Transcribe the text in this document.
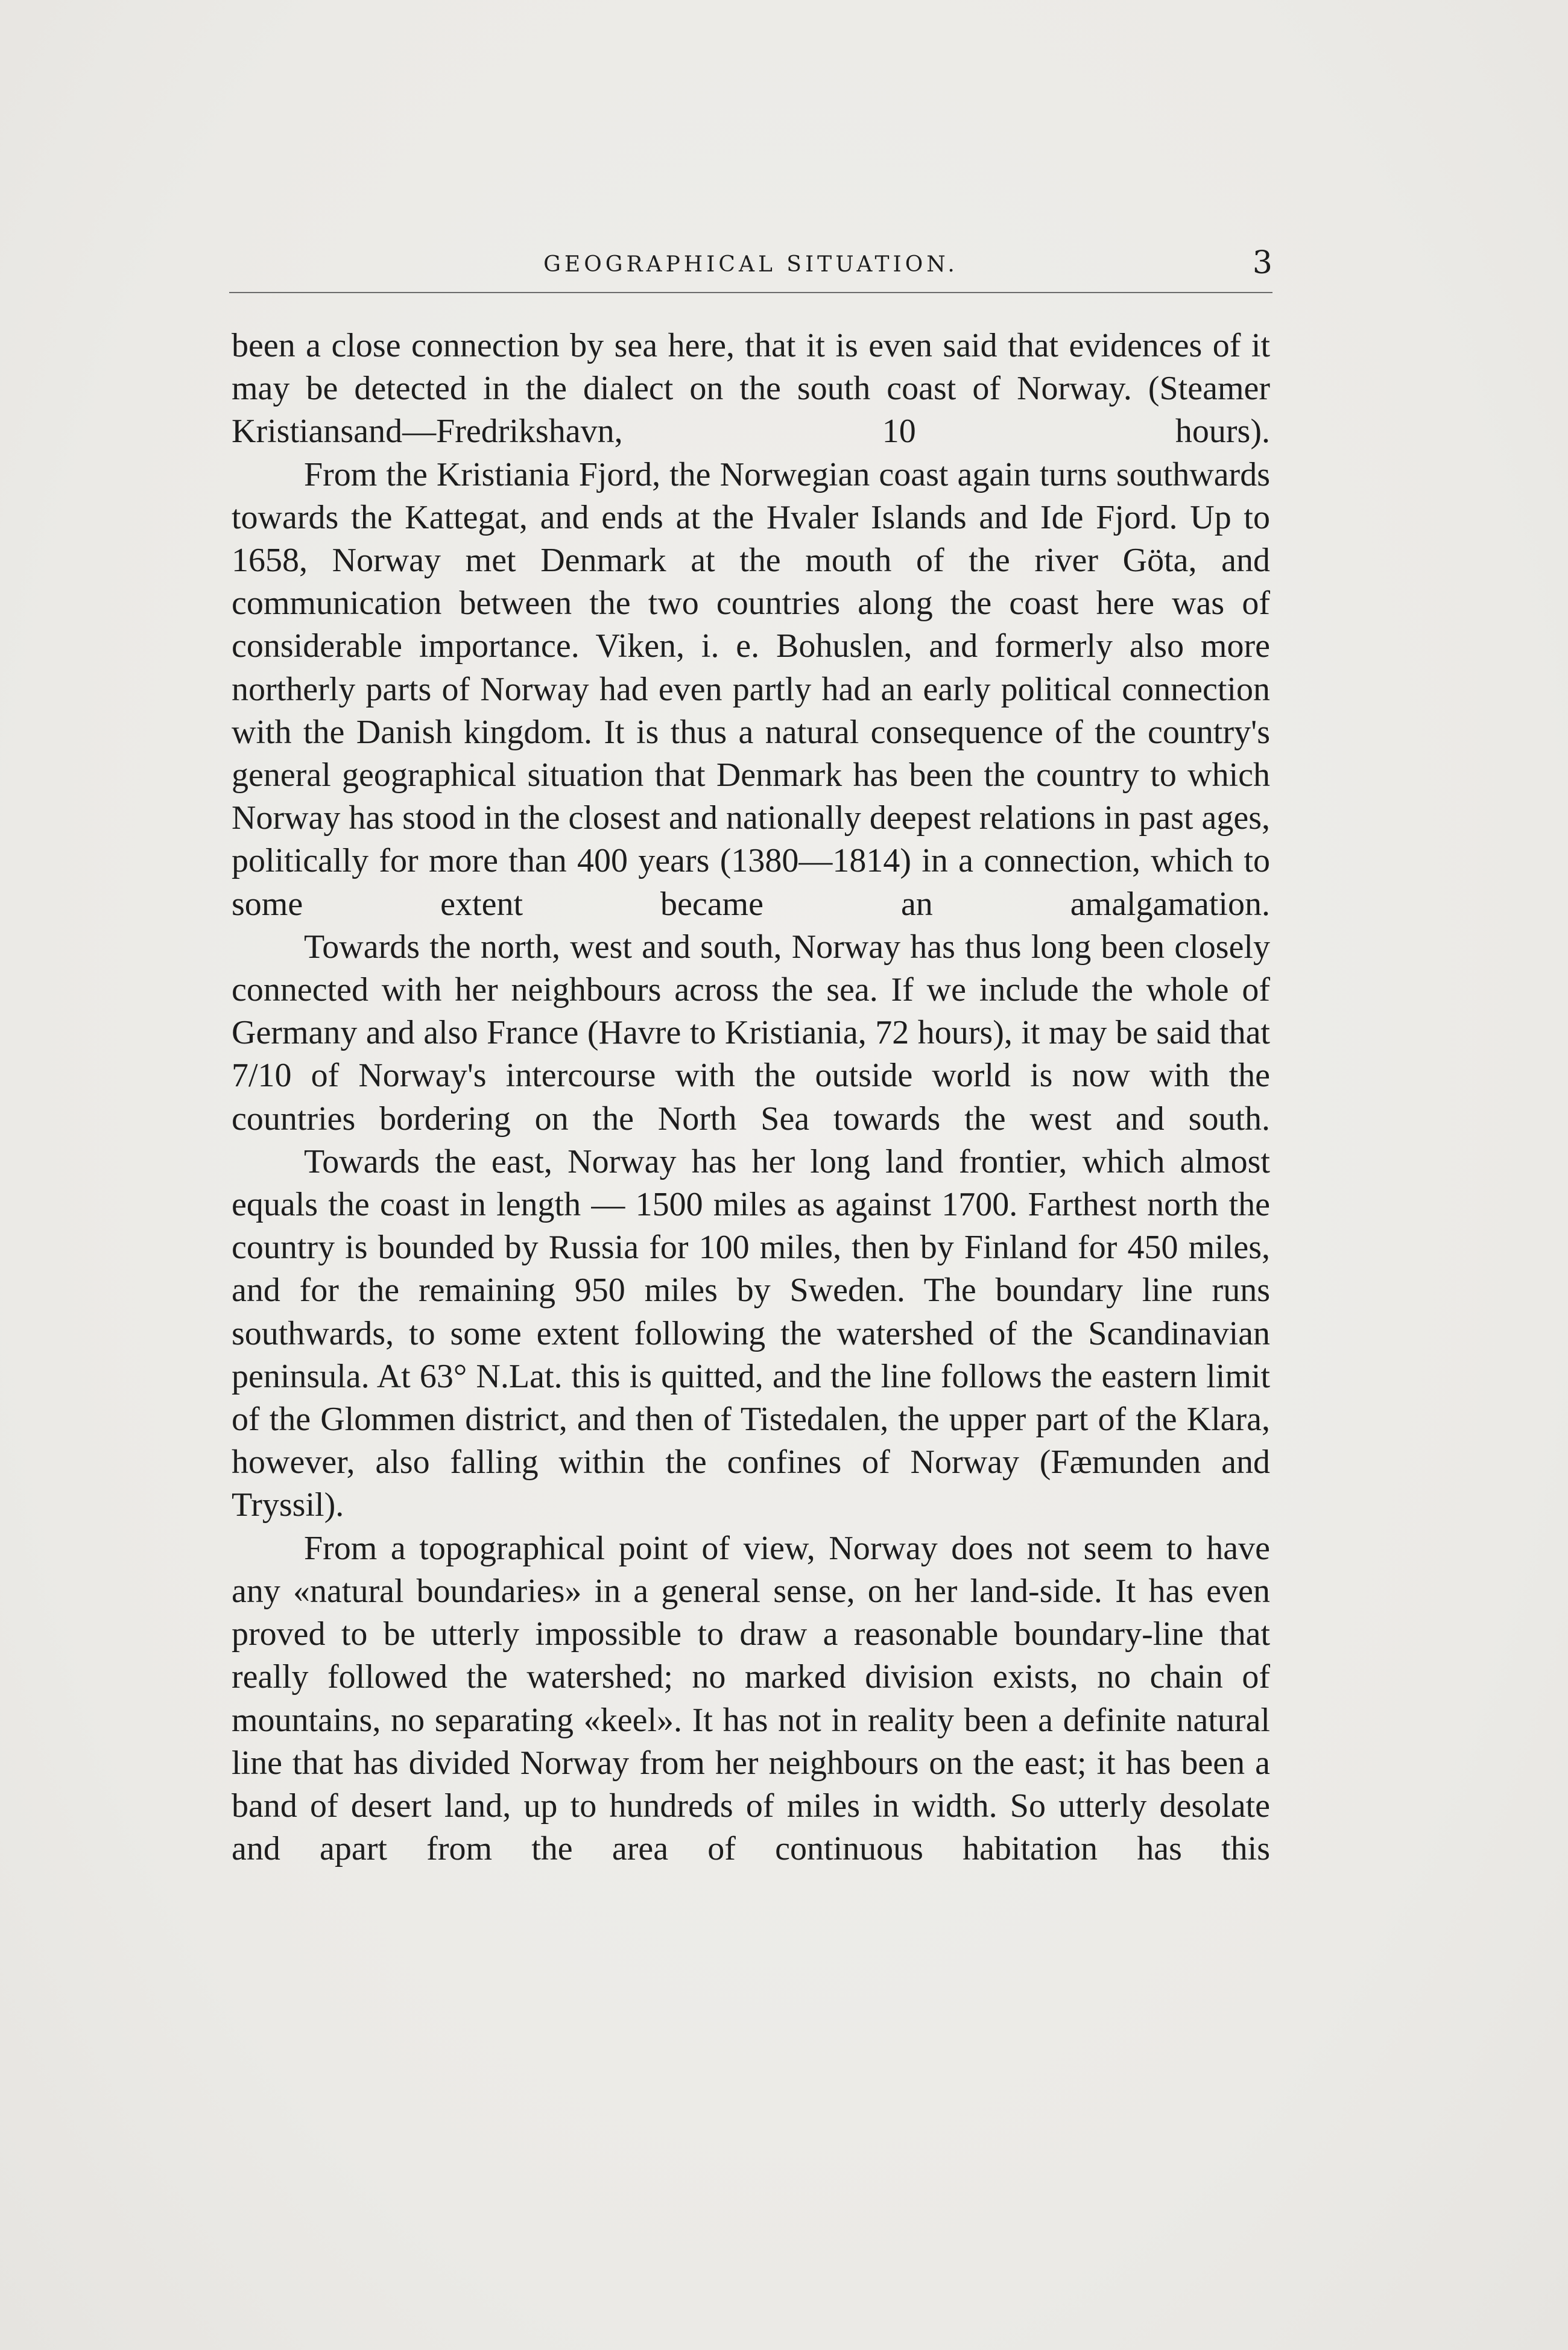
GEOGRAPHICAL SITUATION.	3

been a close connection by sea here, that it is even said that evidences of it may be detected in the dialect on the south coast of Norway. (Steamer Kristiansand—Fredrikshavn, 10 hours).

From the Kristiania Fjord, the Norwegian coast again turns southwards towards the Kattegat, and ends at the Hvaler Islands and Ide Fjord. Up to 1658, Norway met Denmark at the mouth of the river Göta, and communication between the two countries along the coast here was of considerable importance. Viken, i. e. Bohuslen, and formerly also more northerly parts of Norway had even partly had an early political connection with the Danish kingdom. It is thus a natural consequence of the country's general geographical situation that Denmark has been the country to which Norway has stood in the closest and nationally deepest relations in past ages, politically for more than 400 years (1380—1814) in a connection, which to some extent became an amalgamation.

Towards the north, west and south, Norway has thus long been closely connected with her neighbours across the sea. If we include the whole of Germany and also France (Havre to Kristiania, 72 hours), it may be said that 7/10 of Norway's intercourse with the outside world is now with the countries bordering on the North Sea towards the west and south.

Towards the east, Norway has her long land frontier, which almost equals the coast in length — 1500 miles as against 1700. Farthest north the country is bounded by Russia for 100 miles, then by Finland for 450 miles, and for the remaining 950 miles by Sweden. The boundary line runs southwards, to some extent following the watershed of the Scandinavian peninsula. At 63° N.Lat. this is quitted, and the line follows the eastern limit of the Glommen district, and then of Tistedalen, the upper part of the Klara, however, also falling within the confines of Norway (Fæmunden and Tryssil).

From a topographical point of view, Norway does not seem to have any «natural boundaries» in a general sense, on her land-side. It has even proved to be utterly impossible to draw a reasonable boundary-line that really followed the watershed; no marked division exists, no chain of mountains, no separating «keel». It has not in reality been a definite natural line that has divided Norway from her neighbours on the east; it has been a band of desert land, up to hundreds of miles in width. So utterly desolate and apart from the area of continuous habitation has this
